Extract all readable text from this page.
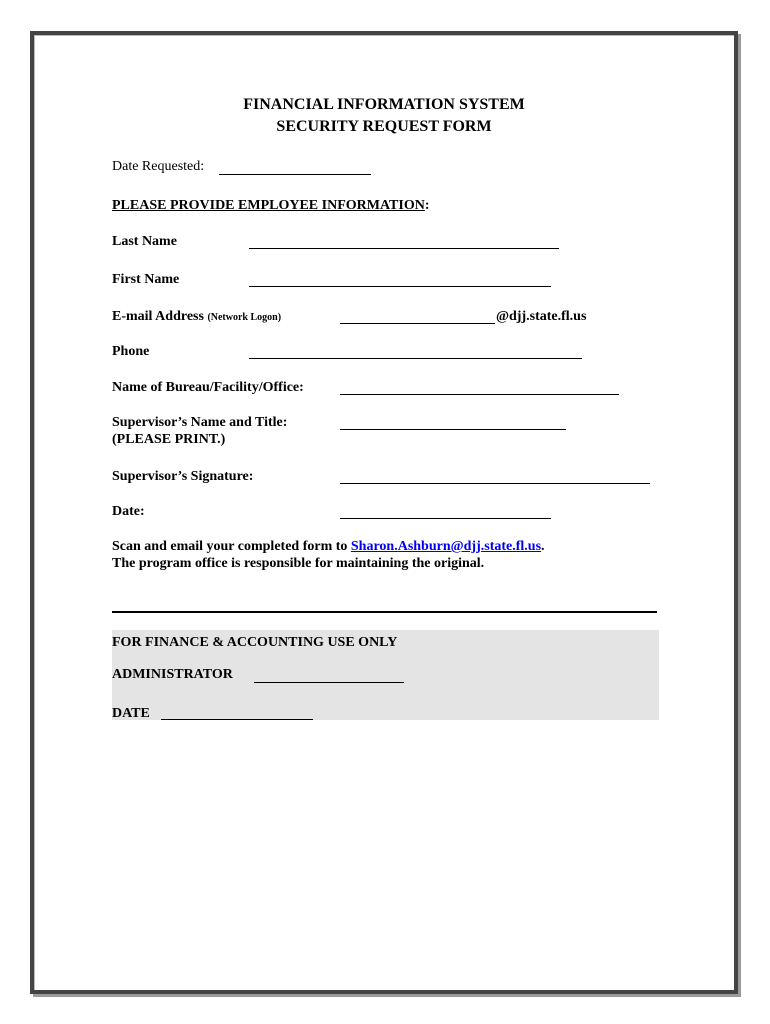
FINANCIAL INFORMATION SYSTEM
SECURITY REQUEST FORM
Date Requested:
PLEASE PROVIDE EMPLOYEE INFORMATION:
Last Name
First Name
E-mail Address (Network Logon)	@djj.state.fl.us
Phone
Name of Bureau/Facility/Office:
Supervisor’s Name and Title:
(PLEASE PRINT.)
Supervisor’s Signature:
Date:
Scan and email your completed form to Sharon.Ashburn@djj.state.fl.us.
The program office is responsible for maintaining the original.
FOR FINANCE & ACCOUNTING USE ONLY
ADMINISTRATOR
DATE
